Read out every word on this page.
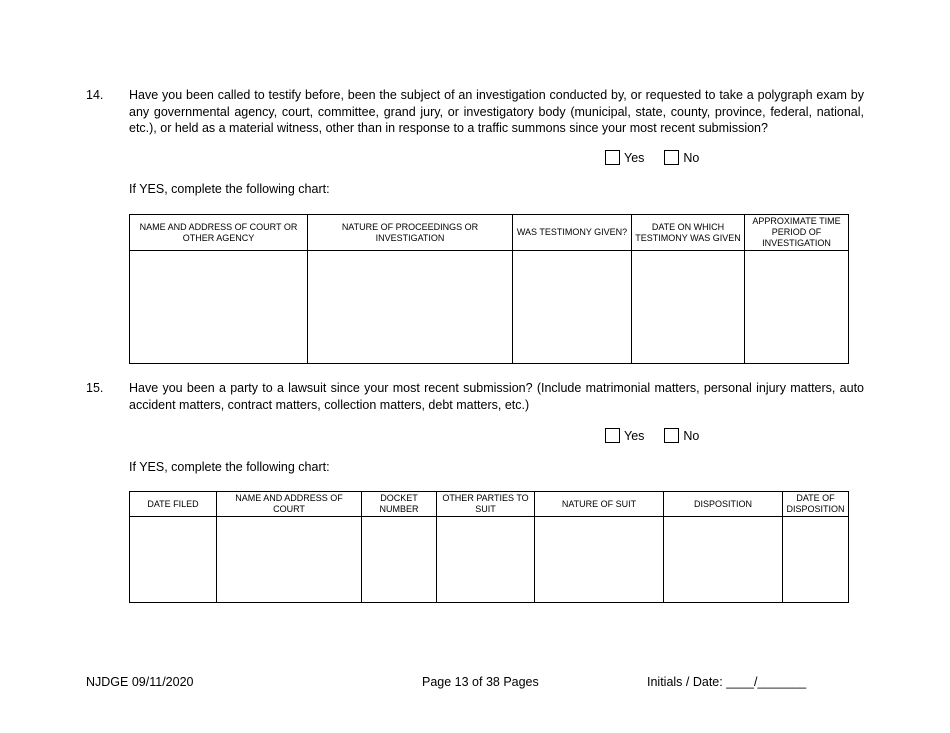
14. Have you been called to testify before, been the subject of an investigation conducted by, or requested to take a polygraph exam by any governmental agency, court, committee, grand jury, or investigatory body (municipal, state, county, province, federal, national, etc.), or held as a material witness, other than in response to a traffic summons since your most recent submission?
Yes	No
If YES, complete the following chart:
NAME AND ADDRESS OF COURT OR OTHER AGENCY	NATURE OF PROCEEDINGS OR INVESTIGATION	WAS TESTIMONY GIVEN?	DATE ON WHICH TESTIMONY WAS GIVEN	APPROXIMATE TIME PERIOD OF INVESTIGATION

15. Have you been a party to a lawsuit since your most recent submission? (Include matrimonial matters, personal injury matters, auto accident matters, contract matters, collection matters, debt matters, etc.)
Yes	No
If YES, complete the following chart:
DATE FILED	NAME AND ADDRESS OF COURT	DOCKET NUMBER	OTHER PARTIES TO SUIT	NATURE OF SUIT	DISPOSITION	DATE OF DISPOSITION

NJDGE 09/11/2020	Page 13 of 38 Pages	Initials / Date: ____/_______
